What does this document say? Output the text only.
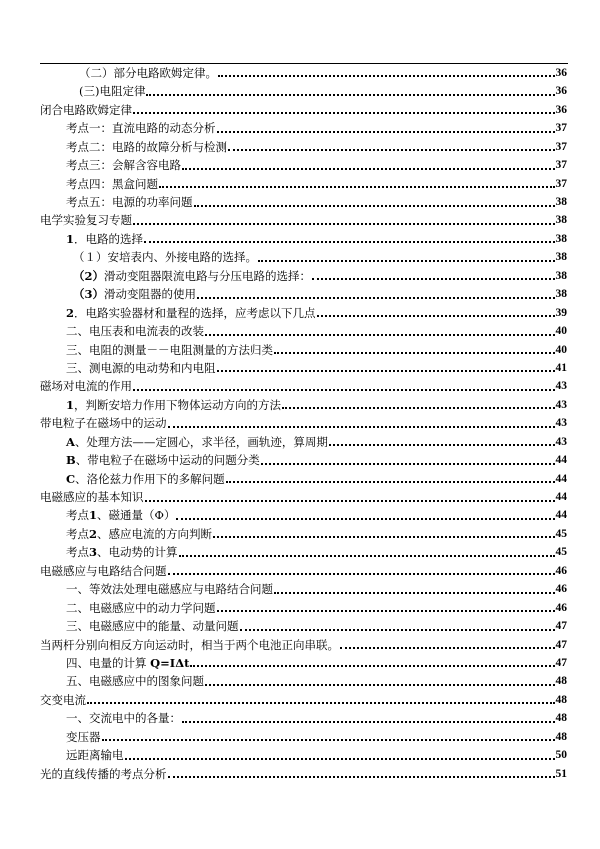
（二）部分电路欧姆定律。	36
(三)电阻定律	36
闭合电路欧姆定律	36
考点一：直流电路的动态分析	37
考点二：电路的故障分析与检测	37
考点三：会解含容电路	37
考点四：黑盒问题	37
考点五：电源的功率问题	38
电学实验复习专题	38
1．电路的选择	38
（１）安培表内、外接电路的选择。	38
（2）滑动变阻器限流电路与分压电路的选择：	38
（3）滑动变阻器的使用	38
2．电路实验器材和量程的选择，应考虑以下几点	39
二、电压表和电流表的改装	40
三、电阻的测量－－电阻测量的方法归类	40
三、测电源的电动势和内电阻	41
磁场对电流的作用	43
1，判断安培力作用下物体运动方向的方法	43
带电粒子在磁场中的运动	43
A、处理方法——定圆心，求半径，画轨迹，算周期	43
B、带电粒子在磁场中运动的问题分类	44
C、洛伦兹力作用下的多解问题	44
电磁感应的基本知识	44
考点1、磁通量（Φ）	44
考点2、感应电流的方向判断	45
考点3、电动势的计算	45
电磁感应与电路结合问题	46
一、等效法处理电磁感应与电路结合问题	46
二、电磁感应中的动力学问题	46
三、电磁感应中的能量、动量问题	47
当两杆分别向相反方向运动时，相当于两个电池正向串联。	47
四、电量的计算 Q=IΔt	47
五、电磁感应中的图象问题	48
交变电流	48
一、交流电中的各量：	48
变压器	48
远距离输电	50
光的直线传播的考点分析	51
